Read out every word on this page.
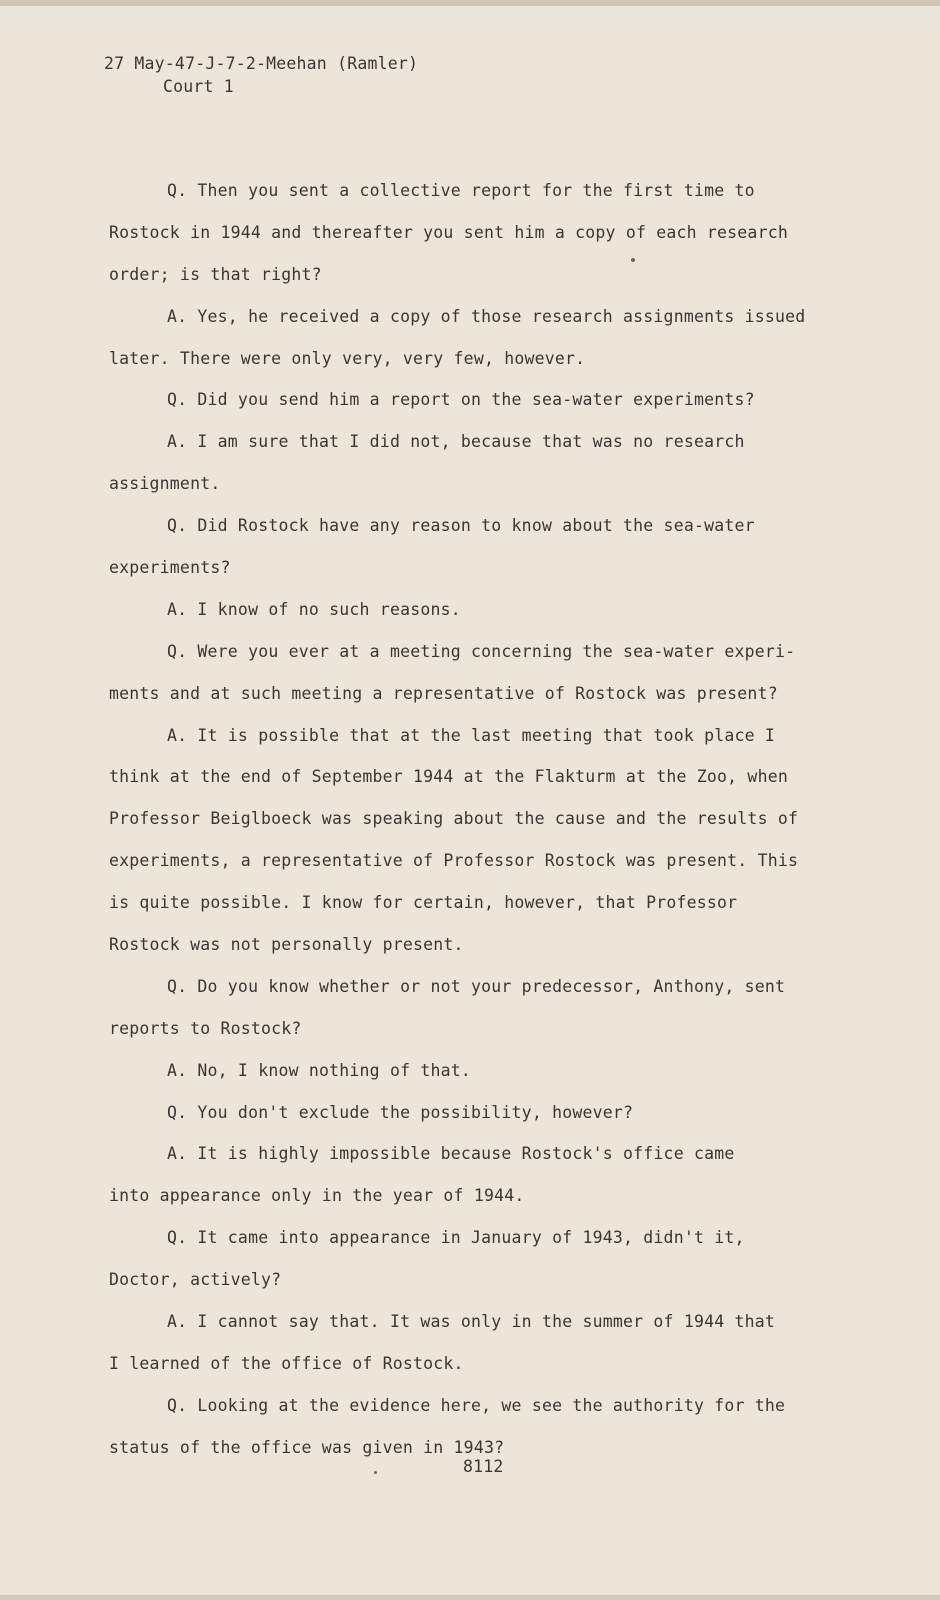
27 May-47-J-7-2-Meehan (Ramler)
Court 1
Q. Then you sent a collective report for the first time to
Rostock in 1944 and thereafter you sent him a copy of each research
order; is that right?
A. Yes, he received a copy of those research assignments issued
later. There were only very, very few, however.
Q. Did you send him a report on the sea-water experiments?
A. I am sure that I did not, because that was no research
assignment.
Q. Did Rostock have any reason to know about the sea-water
experiments?
A. I know of no such reasons.
Q. Were you ever at a meeting concerning the sea-water experi-
ments and at such meeting a representative of Rostock was present?
A. It is possible that at the last meeting that took place I
think at the end of September 1944 at the Flakturm at the Zoo, when
Professor Beiglboeck was speaking about the cause and the results of
experiments, a representative of Professor Rostock was present. This
is quite possible. I know for certain, however, that Professor
Rostock was not personally present.
Q. Do you know whether or not your predecessor, Anthony, sent
reports to Rostock?
A. No, I know nothing of that.
Q. You don't exclude the possibility, however?
A. It is highly impossible because Rostock's office came
into appearance only in the year of 1944.
Q. It came into appearance in January of 1943, didn't it,
Doctor, actively?
A. I cannot say that. It was only in the summer of 1944 that
I learned of the office of Rostock.
Q. Looking at the evidence here, we see the authority for the
status of the office was given in 1943?
8112
